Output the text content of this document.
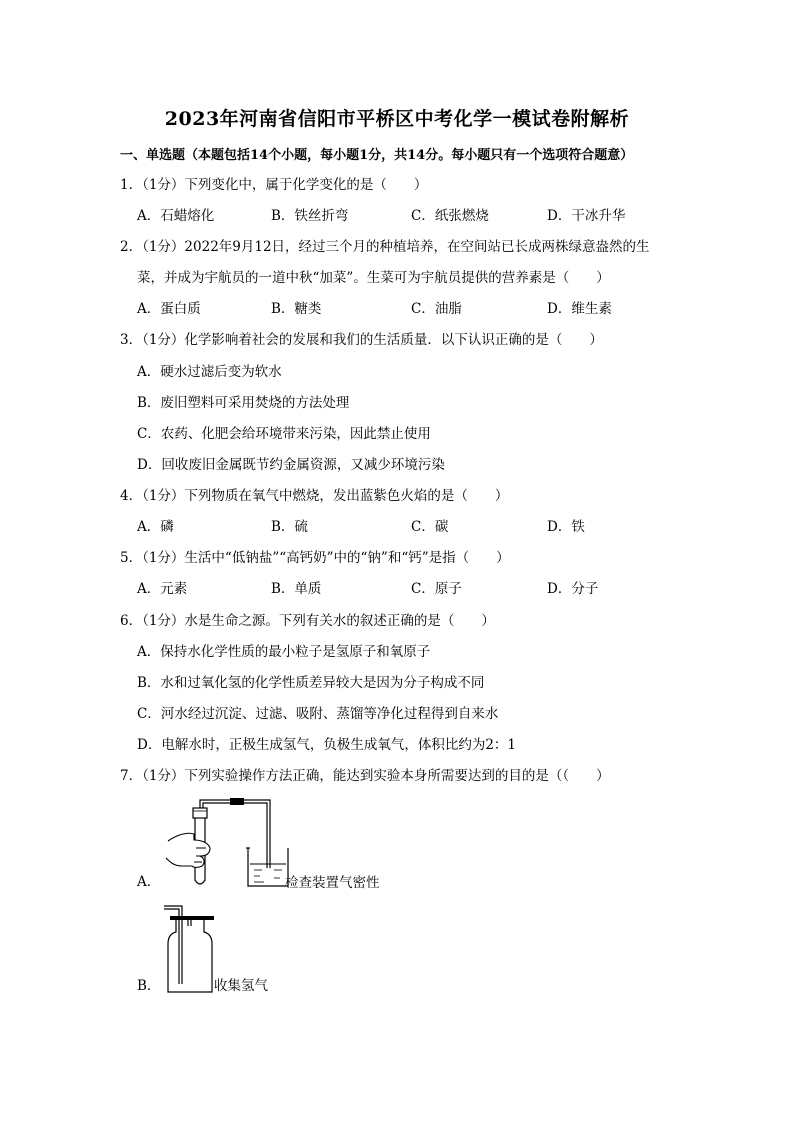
2023年河南省信阳市平桥区中考化学一模试卷附解析
一、单选题（本题包括14个小题，每小题1分，共14分。每小题只有一个选项符合题意）
1．（1分）下列变化中，属于化学变化的是（　　）
A．石蜡熔化	B．铁丝折弯	C．纸张燃烧	D．干冰升华
2．（1分）2022年9月12日，经过三个月的种植培养，在空间站已长成两株绿意盎然的生
菜，并成为宇航员的一道中秋“加菜”。生菜可为宇航员提供的营养素是（　　）
A．蛋白质	B．糖类	C．油脂	D．维生素
3．（1分）化学影响着社会的发展和我们的生活质量．以下认识正确的是（　　）
A．硬水过滤后变为软水
B．废旧塑料可采用焚烧的方法处理
C．农药、化肥会给环境带来污染，因此禁止使用
D．回收废旧金属既节约金属资源，又减少环境污染
4．（1分）下列物质在氧气中燃烧，发出蓝紫色火焰的是（　　）
A．磷	B．硫	C．碳	D．铁
5．（1分）生活中“低钠盐”“高钙奶”中的“钠”和“钙”是指（　　）
A．元素	B．单质	C．原子	D．分子
6．（1分）水是生命之源。下列有关水的叙述正确的是（　　）
A．保持水化学性质的最小粒子是氢原子和氧原子
B．水和过氧化氢的化学性质差异较大是因为分子构成不同
C．河水经过沉淀、过滤、吸附、蒸馏等净化过程得到自来水
D．电解水时，正极生成氢气，负极生成氧气，体积比约为2：1
7．（1分）下列实验操作方法正确，能达到实验本身所需要达到的目的是（（　　）
A．	检查装置气密性
B．	收集氢气
